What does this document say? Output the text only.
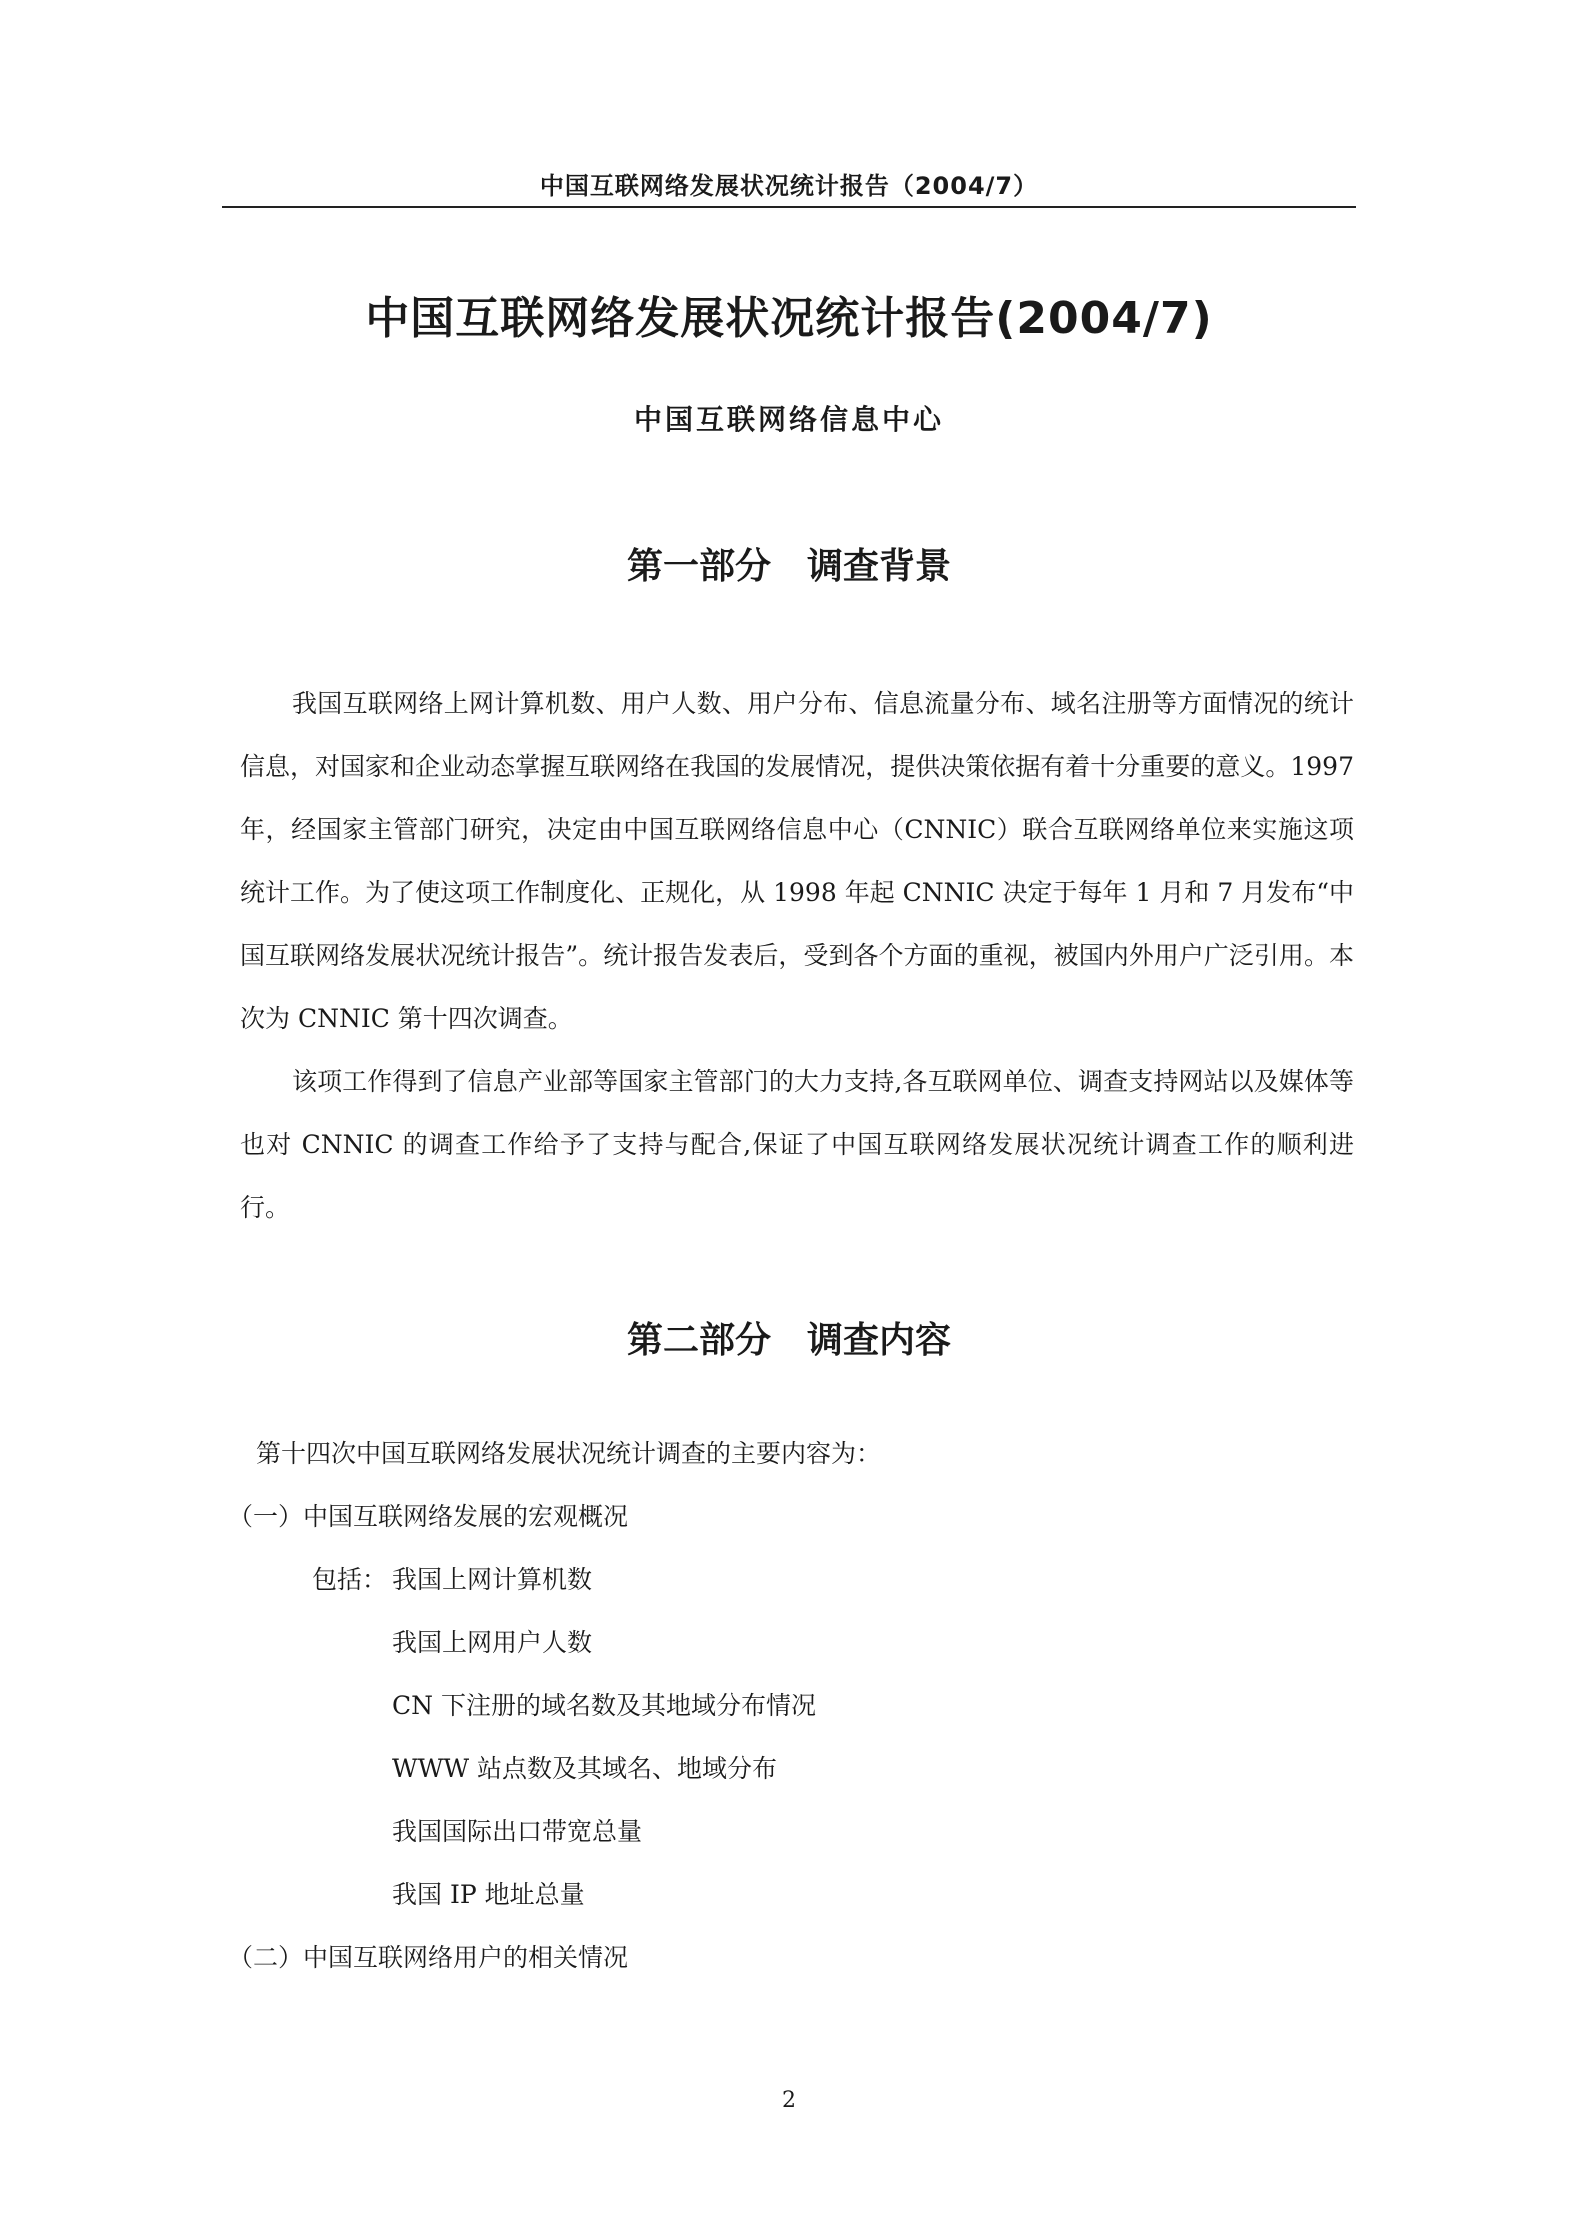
中国互联网络发展状况统计报告（2004/7）
中国互联网络发展状况统计报告(2004/7)
中国互联网络信息中心
第一部分　调查背景
我国互联网络上网计算机数、用户人数、用户分布、信息流量分布、域名注册等方面情况的统计信息，对国家和企业动态掌握互联网络在我国的发展情况，提供决策依据有着十分重要的意义。1997年，经国家主管部门研究，决定由中国互联网络信息中心（CNNIC）联合互联网络单位来实施这项统计工作。为了使这项工作制度化、正规化，从 1998 年起 CNNIC 决定于每年 1 月和 7 月发布“中国互联网络发展状况统计报告”。统计报告发表后，受到各个方面的重视，被国内外用户广泛引用。本次为 CNNIC 第十四次调查。
该项工作得到了信息产业部等国家主管部门的大力支持,各互联网单位、调查支持网站以及媒体等也对 CNNIC 的调查工作给予了支持与配合,保证了中国互联网络发展状况统计调查工作的顺利进行。
第二部分　调查内容
第十四次中国互联网络发展状况统计调查的主要内容为：
（一）中国互联网络发展的宏观概况
包括： 我国上网计算机数
我国上网用户人数
CN 下注册的域名数及其地域分布情况
WWW 站点数及其域名、地域分布
我国国际出口带宽总量
我国 IP 地址总量
（二）中国互联网络用户的相关情况
2
